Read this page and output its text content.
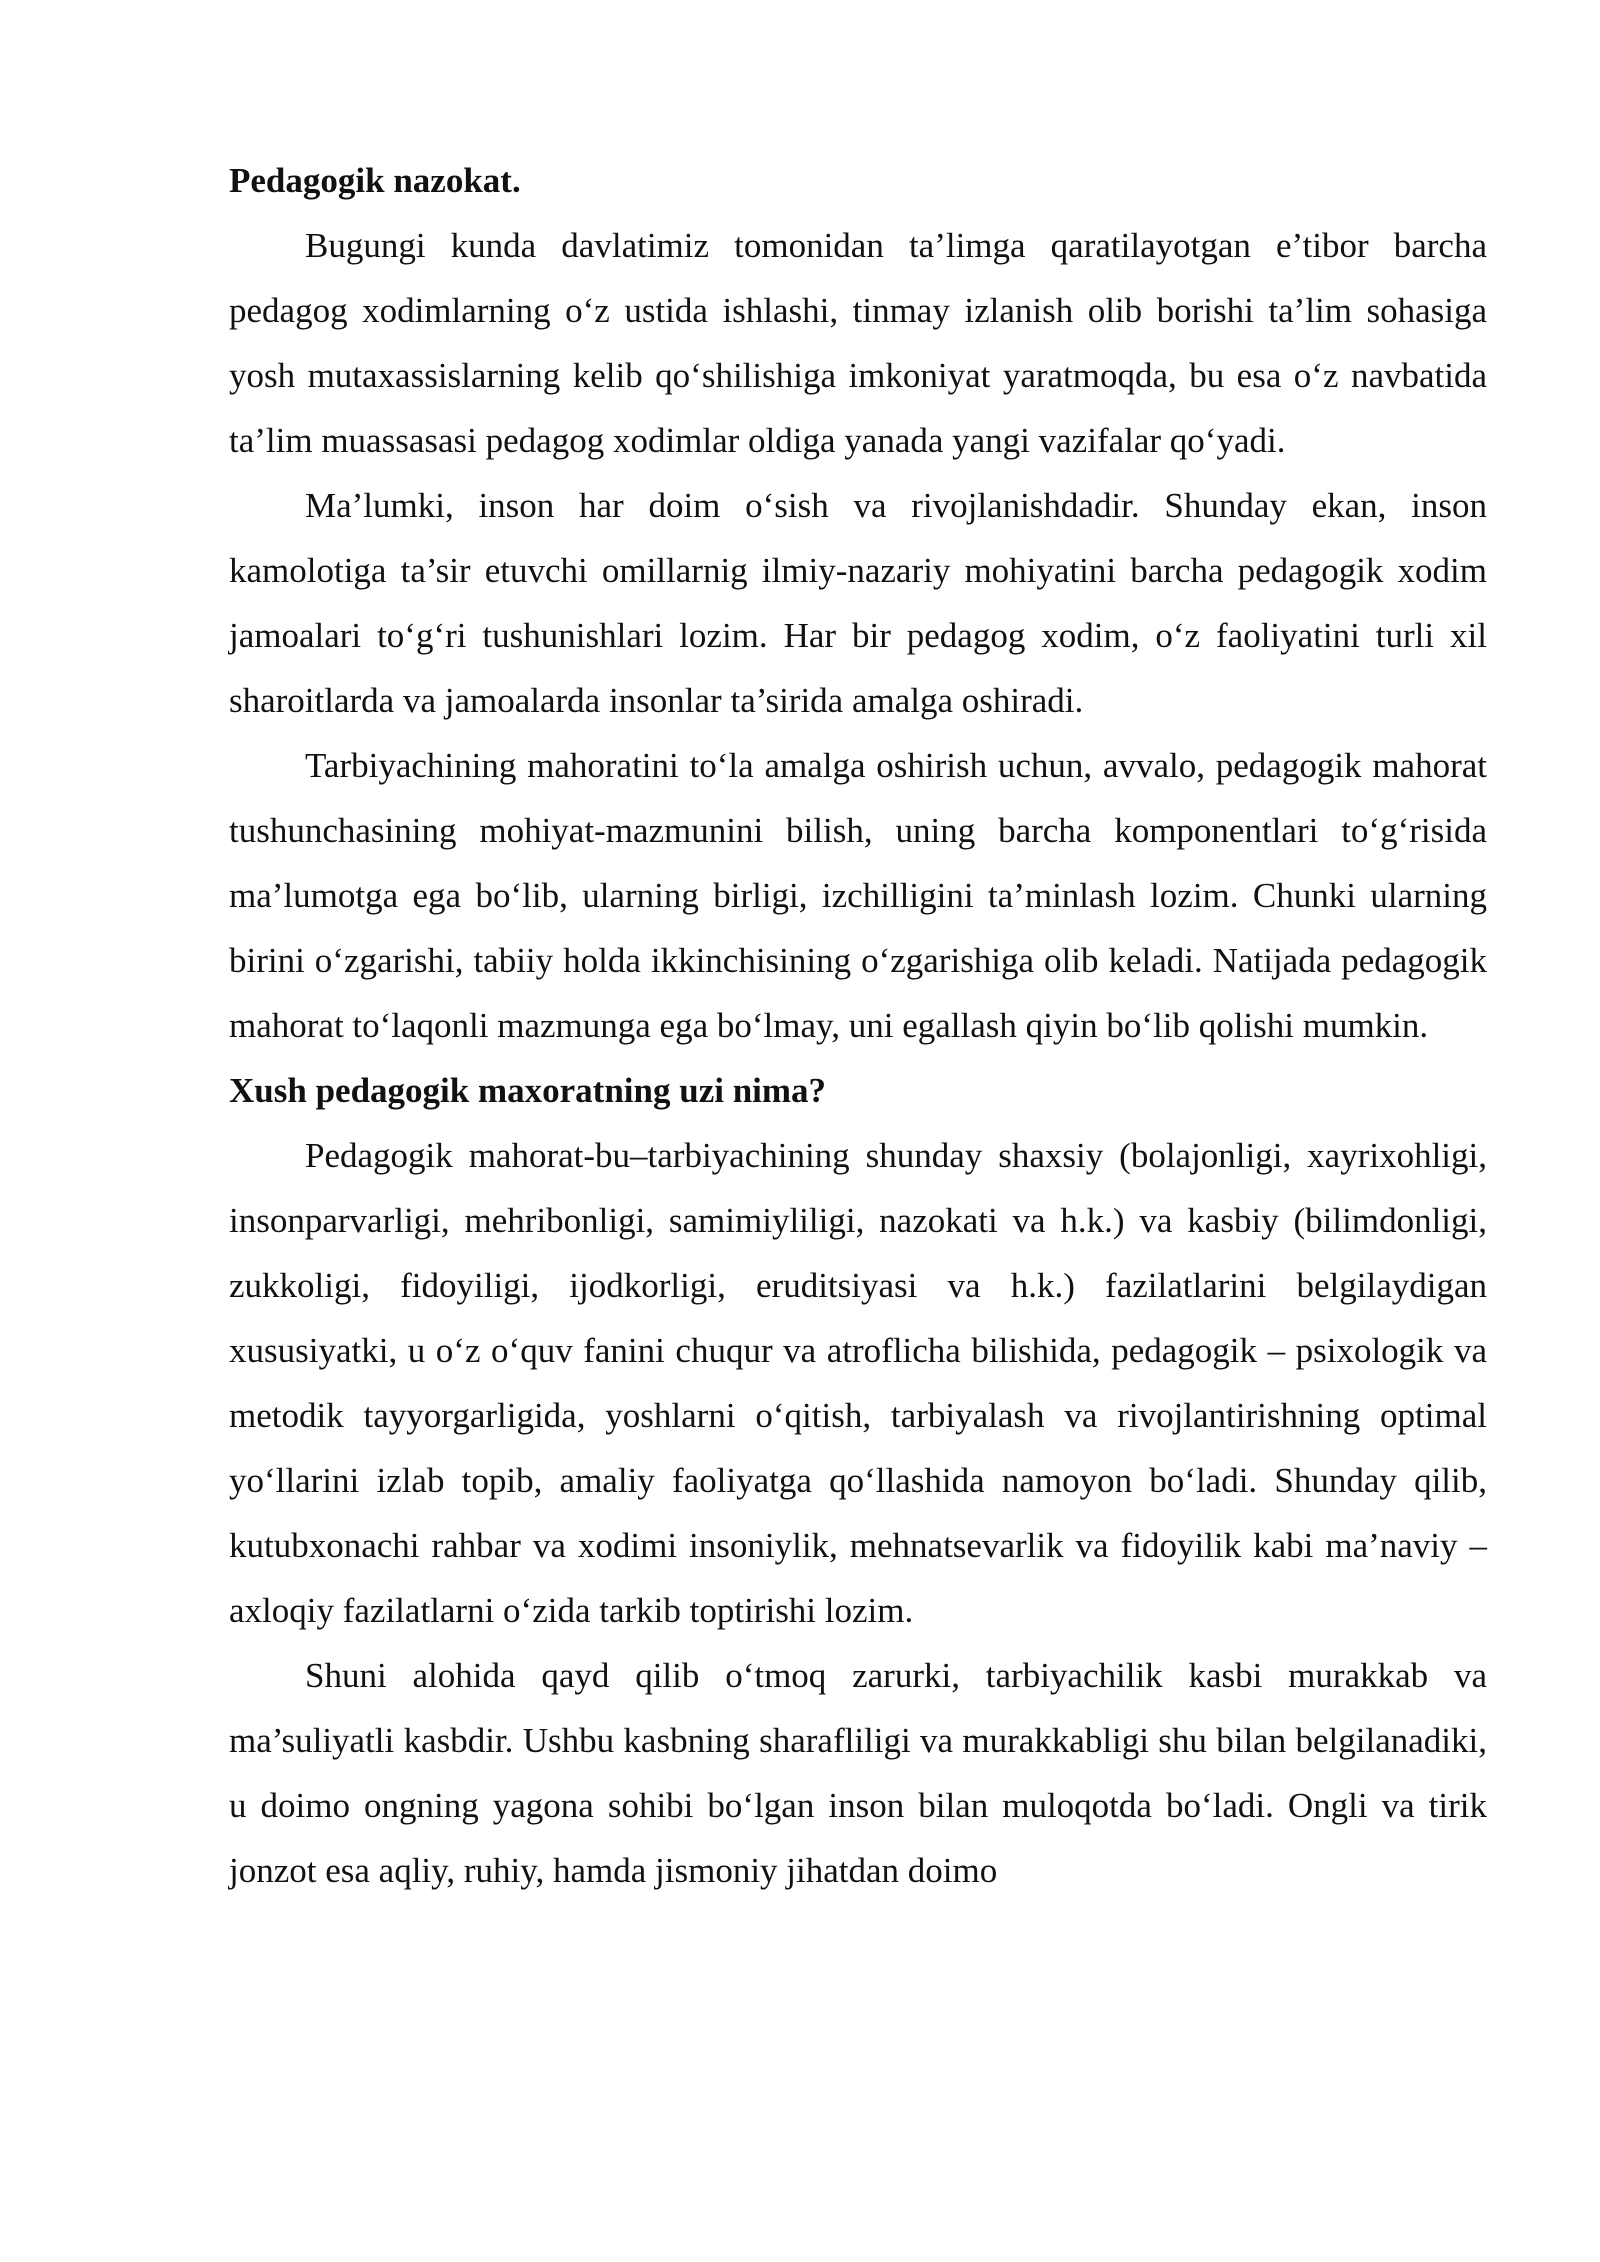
Pedagogik nazokat.

Bugungi kunda davlatimiz tomonidan ta’limga qaratilayotgan e’tibor barcha pedagog xodimlarning o‘z ustida ishlashi, tinmay izlanish olib borishi ta’lim sohasiga yosh mutaxassislarning kelib qo‘shilishiga imkoniyat yaratmoqda, bu esa o‘z navbatida ta’lim muassasasi pedagog xodimlar oldiga yanada yangi vazifalar qo‘yadi.

Ma’lumki, inson har doim o‘sish va rivojlanishdadir. Shunday ekan, inson kamolotiga ta’sir etuvchi omillarnig ilmiy-nazariy mohiyatini barcha pedagogik xodim jamoalari to‘g‘ri tushunishlari lozim. Har bir pedagog xodim, o‘z faoliyatini turli xil sharoitlarda va jamoalarda insonlar ta’sirida amalga oshiradi.

Tarbiyachining mahoratini to‘la amalga oshirish uchun, avvalo, pedagogik mahorat tushunchasining mohiyat-mazmunini bilish, uning barcha komponentlari to‘g‘risida ma’lumotga ega bo‘lib, ularning birligi, izchilligini ta’minlash lozim. Chunki ularning birini o‘zgarishi, tabiiy holda ikkinchisining o‘zgarishiga olib keladi. Natijada pedagogik mahorat to‘laqonli mazmunga ega bo‘lmay, uni egallash qiyin bo‘lib qolishi mumkin.

Xush pedagogik maxoratning uzi nima?

Pedagogik mahorat-bu–tarbiyachining shunday shaxsiy (bolajonligi, xayrixohligi, insonparvarligi, mehribonligi, samimiyliligi, nazokati va h.k.) va kasbiy (bilimdonligi, zukkoligi, fidoyiligi, ijodkorligi, eruditsiyasi va h.k.) fazilatlarini belgilaydigan xususiyatki, u o‘z o‘quv fanini chuqur va atroflicha bilishida, pedagogik – psixologik va metodik tayyorgarligida, yoshlarni o‘qitish, tarbiyalash va rivojlantirishning optimal yo‘llarini izlab topib, amaliy faoliyatga qo‘llashida namoyon bo‘ladi. Shunday qilib, kutubxonachi rahbar va xodimi insoniylik, mehnatsevarlik va fidoyilik kabi ma’naviy – axloqiy fazilatlarni o‘zida tarkib toptirishi lozim.

Shuni alohida qayd qilib o‘tmoq zarurki, tarbiyachilik kasbi murakkab va ma’suliyatli kasbdir. Ushbu kasbning sharafliligi va murakkabligi shu bilan belgilanadiki, u doimo ongning yagona sohibi bo‘lgan inson bilan muloqotda bo‘ladi. Ongli va tirik jonzot esa aqliy, ruhiy, hamda jismoniy jihatdan doimo
